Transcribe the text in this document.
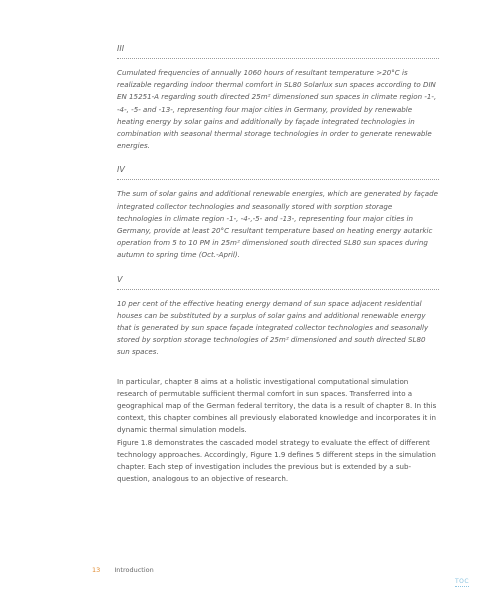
III

Cumulated frequencies of annually 1060 hours of resultant temperature >20°C is realizable regarding indoor thermal comfort in SL80 Solarlux sun spaces according to DIN EN 15251-A regarding south directed 25m² dimensioned sun spaces in climate region -1-, -4-, -5- and -13-, representing four major cities in Germany, provided by renewable heating energy by solar gains and additionally by façade integrated technologies in combination with seasonal thermal storage technologies in order to generate renewable energies.

IV

The sum of solar gains and additional renewable energies, which are generated by façade integrated collector technologies and seasonally stored with sorption storage technologies in climate region -1-, -4-,-5- and -13-, representing four major cities in Germany, provide at least 20°C resultant temperature based on heating energy autarkic operation from 5 to 10 PM in 25m² dimensioned south directed SL80 sun spaces during autumn to spring time (Oct.-April).

V

10 per cent of the effective heating energy demand of sun space adjacent residential houses can be substituted by a surplus of solar gains and additional renewable energy that is generated by sun space façade integrated collector technologies and seasonally stored by sorption storage technologies of 25m² dimensioned and south directed SL80 sun spaces.

In particular, chapter 8 aims at a holistic investigational computational simulation research of permutable sufficient thermal comfort in sun spaces. Transferred into a geographical map of the German federal territory, the data is a result of chapter 8. In this context, this chapter combines all previously elaborated knowledge and incorporates it in dynamic thermal simulation models.

Figure 1.8 demonstrates the cascaded model strategy to evaluate the effect of different technology approaches. Accordingly, Figure 1.9 defines 5 different steps in the simulation chapter. Each step of investigation includes the previous but is extended by a sub-question, analogous to an objective of research.

13 Introduction
TOC
